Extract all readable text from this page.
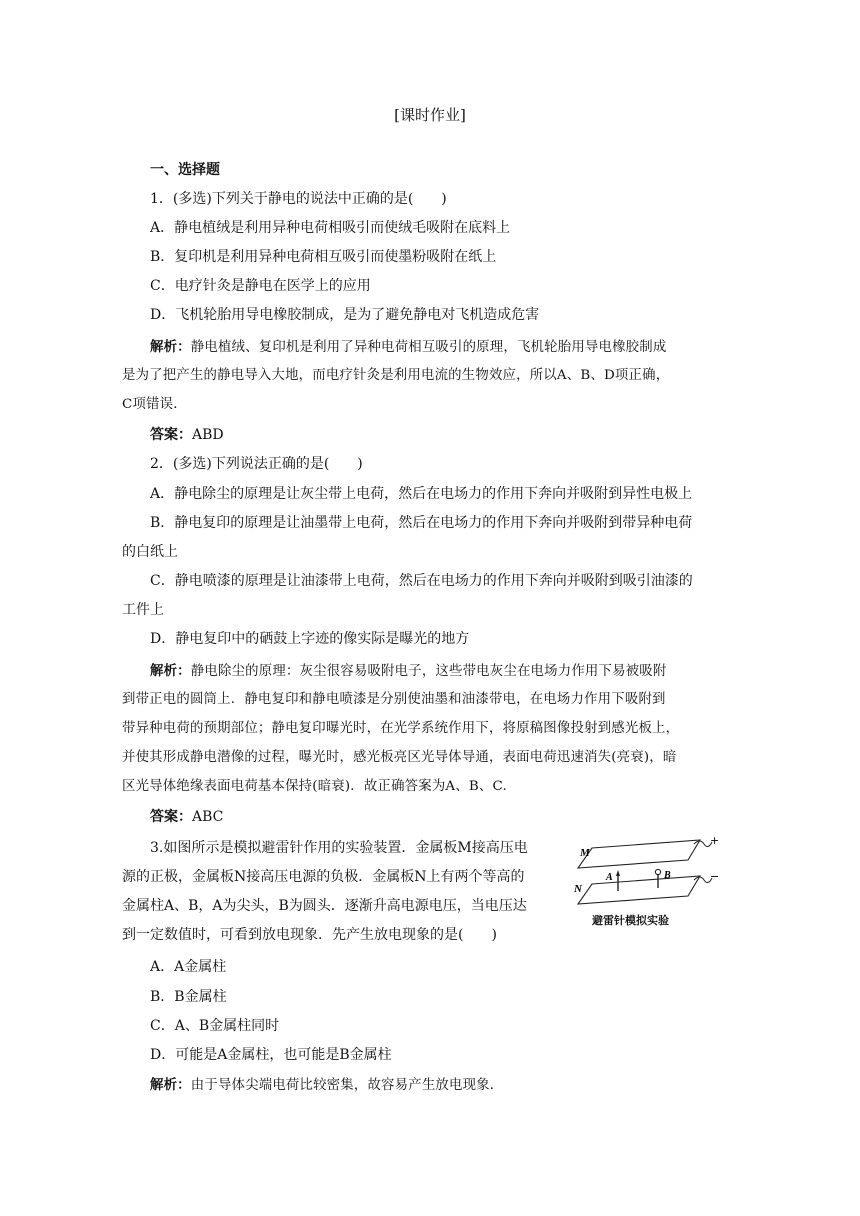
[课时作业]
一、选择题
1．(多选)下列关于静电的说法中正确的是(　　)
A．静电植绒是利用异种电荷相吸引而使绒毛吸附在底料上
B．复印机是利用异种电荷相互吸引而使墨粉吸附在纸上
C．电疗针灸是静电在医学上的应用
D．飞机轮胎用导电橡胶制成，是为了避免静电对飞机造成危害
解析：静电植绒、复印机是利用了异种电荷相互吸引的原理，飞机轮胎用导电橡胶制成
是为了把产生的静电导入大地，而电疗针灸是利用电流的生物效应，所以A、B、D项正确，
C项错误．
答案：ABD
2．(多选)下列说法正确的是(　　)
A．静电除尘的原理是让灰尘带上电荷，然后在电场力的作用下奔向并吸附到异性电极上
B．静电复印的原理是让油墨带上电荷，然后在电场力的作用下奔向并吸附到带异种电荷
的白纸上
C．静电喷漆的原理是让油漆带上电荷，然后在电场力的作用下奔向并吸附到吸引油漆的
工件上
D．静电复印中的硒鼓上字迹的像实际是曝光的地方
解析：静电除尘的原理：灰尘很容易吸附电子，这些带电灰尘在电场力作用下易被吸附
到带正电的圆筒上．静电复印和静电喷漆是分别使油墨和油漆带电，在电场力作用下吸附到
带异种电荷的预期部位；静电复印曝光时，在光学系统作用下，将原稿图像投射到感光板上，
并使其形成静电潜像的过程，曝光时，感光板亮区光导体导通，表面电荷迅速消失(亮衰)，暗
区光导体绝缘表面电荷基本保持(暗衰)．故正确答案为A、B、C.
答案：ABC
3.如图所示是模拟避雷针作用的实验装置．金属板M接高压电
源的正极，金属板N接高压电源的负极．金属板N上有两个等高的
金属柱A、B，A为尖头，B为圆头．逐渐升高电源电压，当电压达
到一定数值时，可看到放电现象．先产生放电现象的是(　　)
M
N
A	B
+
−
避雷针模拟实验
A．A金属柱
B．B金属柱
C．A、B金属柱同时
D．可能是A金属柱，也可能是B金属柱
解析：由于导体尖端电荷比较密集，故容易产生放电现象．
